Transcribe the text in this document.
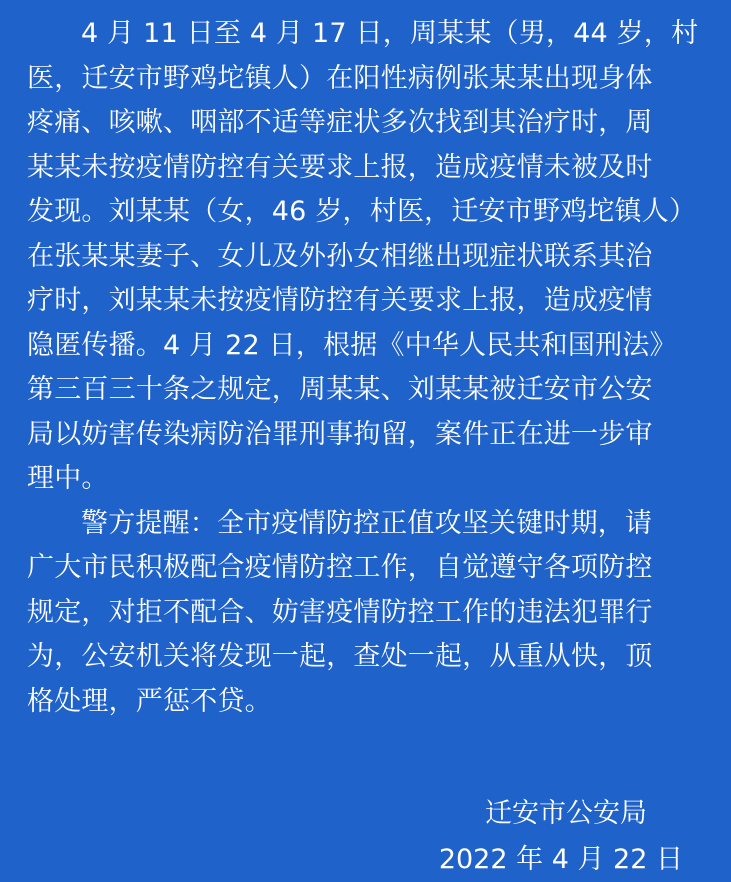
4 月 11 日至 4 月 17 日，周某某（男，44 岁，村

医，迁安市野鸡坨镇人）在阳性病例张某某出现身体

疼痛、咳嗽、咽部不适等症状多次找到其治疗时，周

某某未按疫情防控有关要求上报，造成疫情未被及时

发现。刘某某（女，46 岁，村医，迁安市野鸡坨镇人）

在张某某妻子、女儿及外孙女相继出现症状联系其治

疗时，刘某某未按疫情防控有关要求上报，造成疫情

隐匿传播。4 月 22 日，根据《中华人民共和国刑法》

第三百三十条之规定，周某某、刘某某被迁安市公安

局以妨害传染病防治罪刑事拘留，案件正在进一步审

理中。

警方提醒：全市疫情防控正值攻坚关键时期，请

广大市民积极配合疫情防控工作，自觉遵守各项防控

规定，对拒不配合、妨害疫情防控工作的违法犯罪行

为，公安机关将发现一起，查处一起，从重从快，顶

格处理，严惩不贷。

迁安市公安局
2022 年 4 月 22 日
